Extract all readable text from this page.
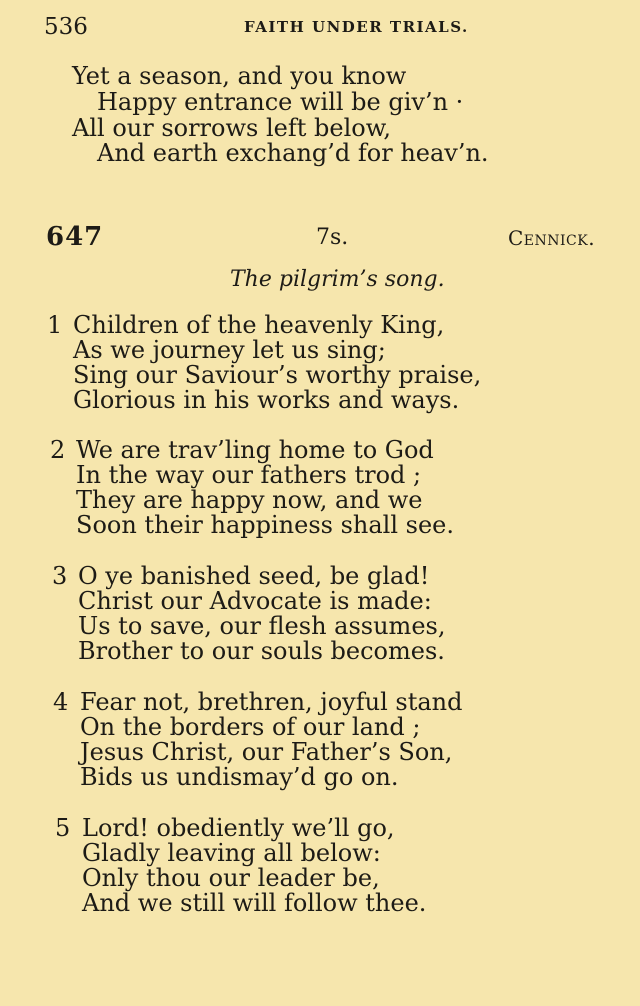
536	FAITH UNDER TRIALS.
Yet a season, and you know
Happy entrance will be giv’n ·
All our sorrows left below,
And earth exchang’d for heav’n.
647	7s.	Cennick.
The pilgrim’s song.
1 Children of the heavenly King,
As we journey let us sing;
Sing our Saviour’s worthy praise,
Glorious in his works and ways.
2 We are trav’ling home to God
In the way our fathers trod ;
They are happy now, and we
Soon their happiness shall see.
3 O ye banished seed, be glad!
Christ our Advocate is made:
Us to save, our flesh assumes,
Brother to our souls becomes.
4 Fear not, brethren, joyful stand
On the borders of our land ;
Jesus Christ, our Father’s Son,
Bids us undismay’d go on.
5 Lord! obediently we’ll go,
Gladly leaving all below:
Only thou our leader be,
And we still will follow thee.
